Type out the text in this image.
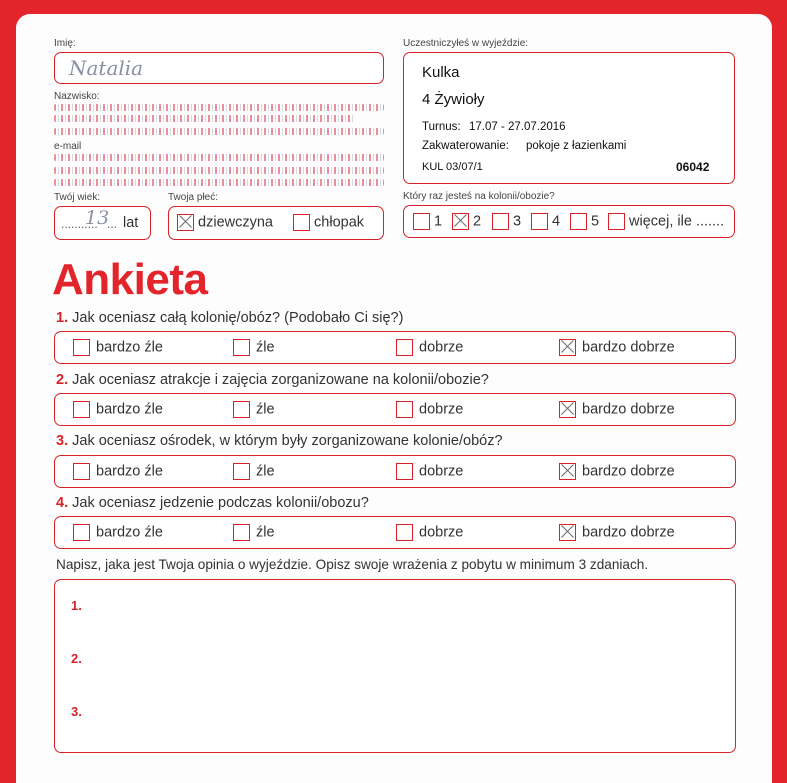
Imię:
Natalia
Nazwisko:
e-mail
Twój wiek:
...........
13
... lat
Twoja płeć:
dziewczyna	chłopak
Uczestniczyłeś w wyjeździe:
Kulka
4 Żywioły
Turnus: 17.07 - 27.07.2016
Zakwaterowanie: pokoje z łazienkami
KUL 03/07/1	06042
Który raz jesteś na kolonii/obozie?
1	2	3	4	5	więcej, ile .......
Ankieta
1. Jak oceniasz całą kolonię/obóz? (Podobało Ci się?)
bardzo źle	źle	dobrze	bardzo dobrze
2. Jak oceniasz atrakcje i zajęcia zorganizowane na kolonii/obozie?
bardzo źle	źle	dobrze	bardzo dobrze
3. Jak oceniasz ośrodek, w którym były zorganizowane kolonie/obóz?
bardzo źle	źle	dobrze	bardzo dobrze
4. Jak oceniasz jedzenie podczas kolonii/obozu?
bardzo źle	źle	dobrze	bardzo dobrze
Napisz, jaka jest Twoja opinia o wyjeździe. Opisz swoje wrażenia z pobytu w minimum 3 zdaniach.
1.
2.
3.
